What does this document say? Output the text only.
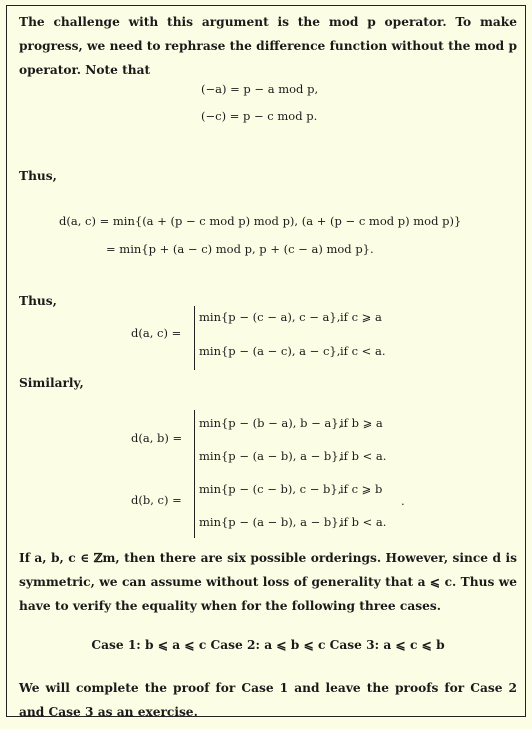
The challenge with this argument is the mod p operator. To make progress, we need to rephrase the difference function without the mod p operator. Note that
(−a) = p − a mod p,
(−c) = p − c mod p.
Thus,
d(a, c) = min{(a + (p − c mod p) mod p), (a + (p − c mod p) mod p)}
= min{p + (a − c) mod p, p + (c − a) mod p}.
Thus,
d(a, c) =
min{p − (c − a), c − a}, if c ⩾ a
min{p − (a − c), a − c}, if c < a.
Similarly,
d(a, b) =
min{p − (b − a), b − a},
if b ⩾ a
min{p − (a − b), a − b},
if b < a.
d(b, c) =
min{p − (c − b), c − b},
if c ⩾ b
.
min{p − (a − b), a − b},
if b < a.
If a, b, c ∈ ℤm, then there are six possible orderings. However, since d is symmetric, we can assume without loss of generality that a ⩽ c. Thus we have to verify the equality when for the following three cases.
Case 1: b ⩽ a ⩽ c Case 2: a ⩽ b ⩽ c Case 3: a ⩽ c ⩽ b
We will complete the proof for Case 1 and leave the proofs for Case 2 and Case 3 as an exercise.
